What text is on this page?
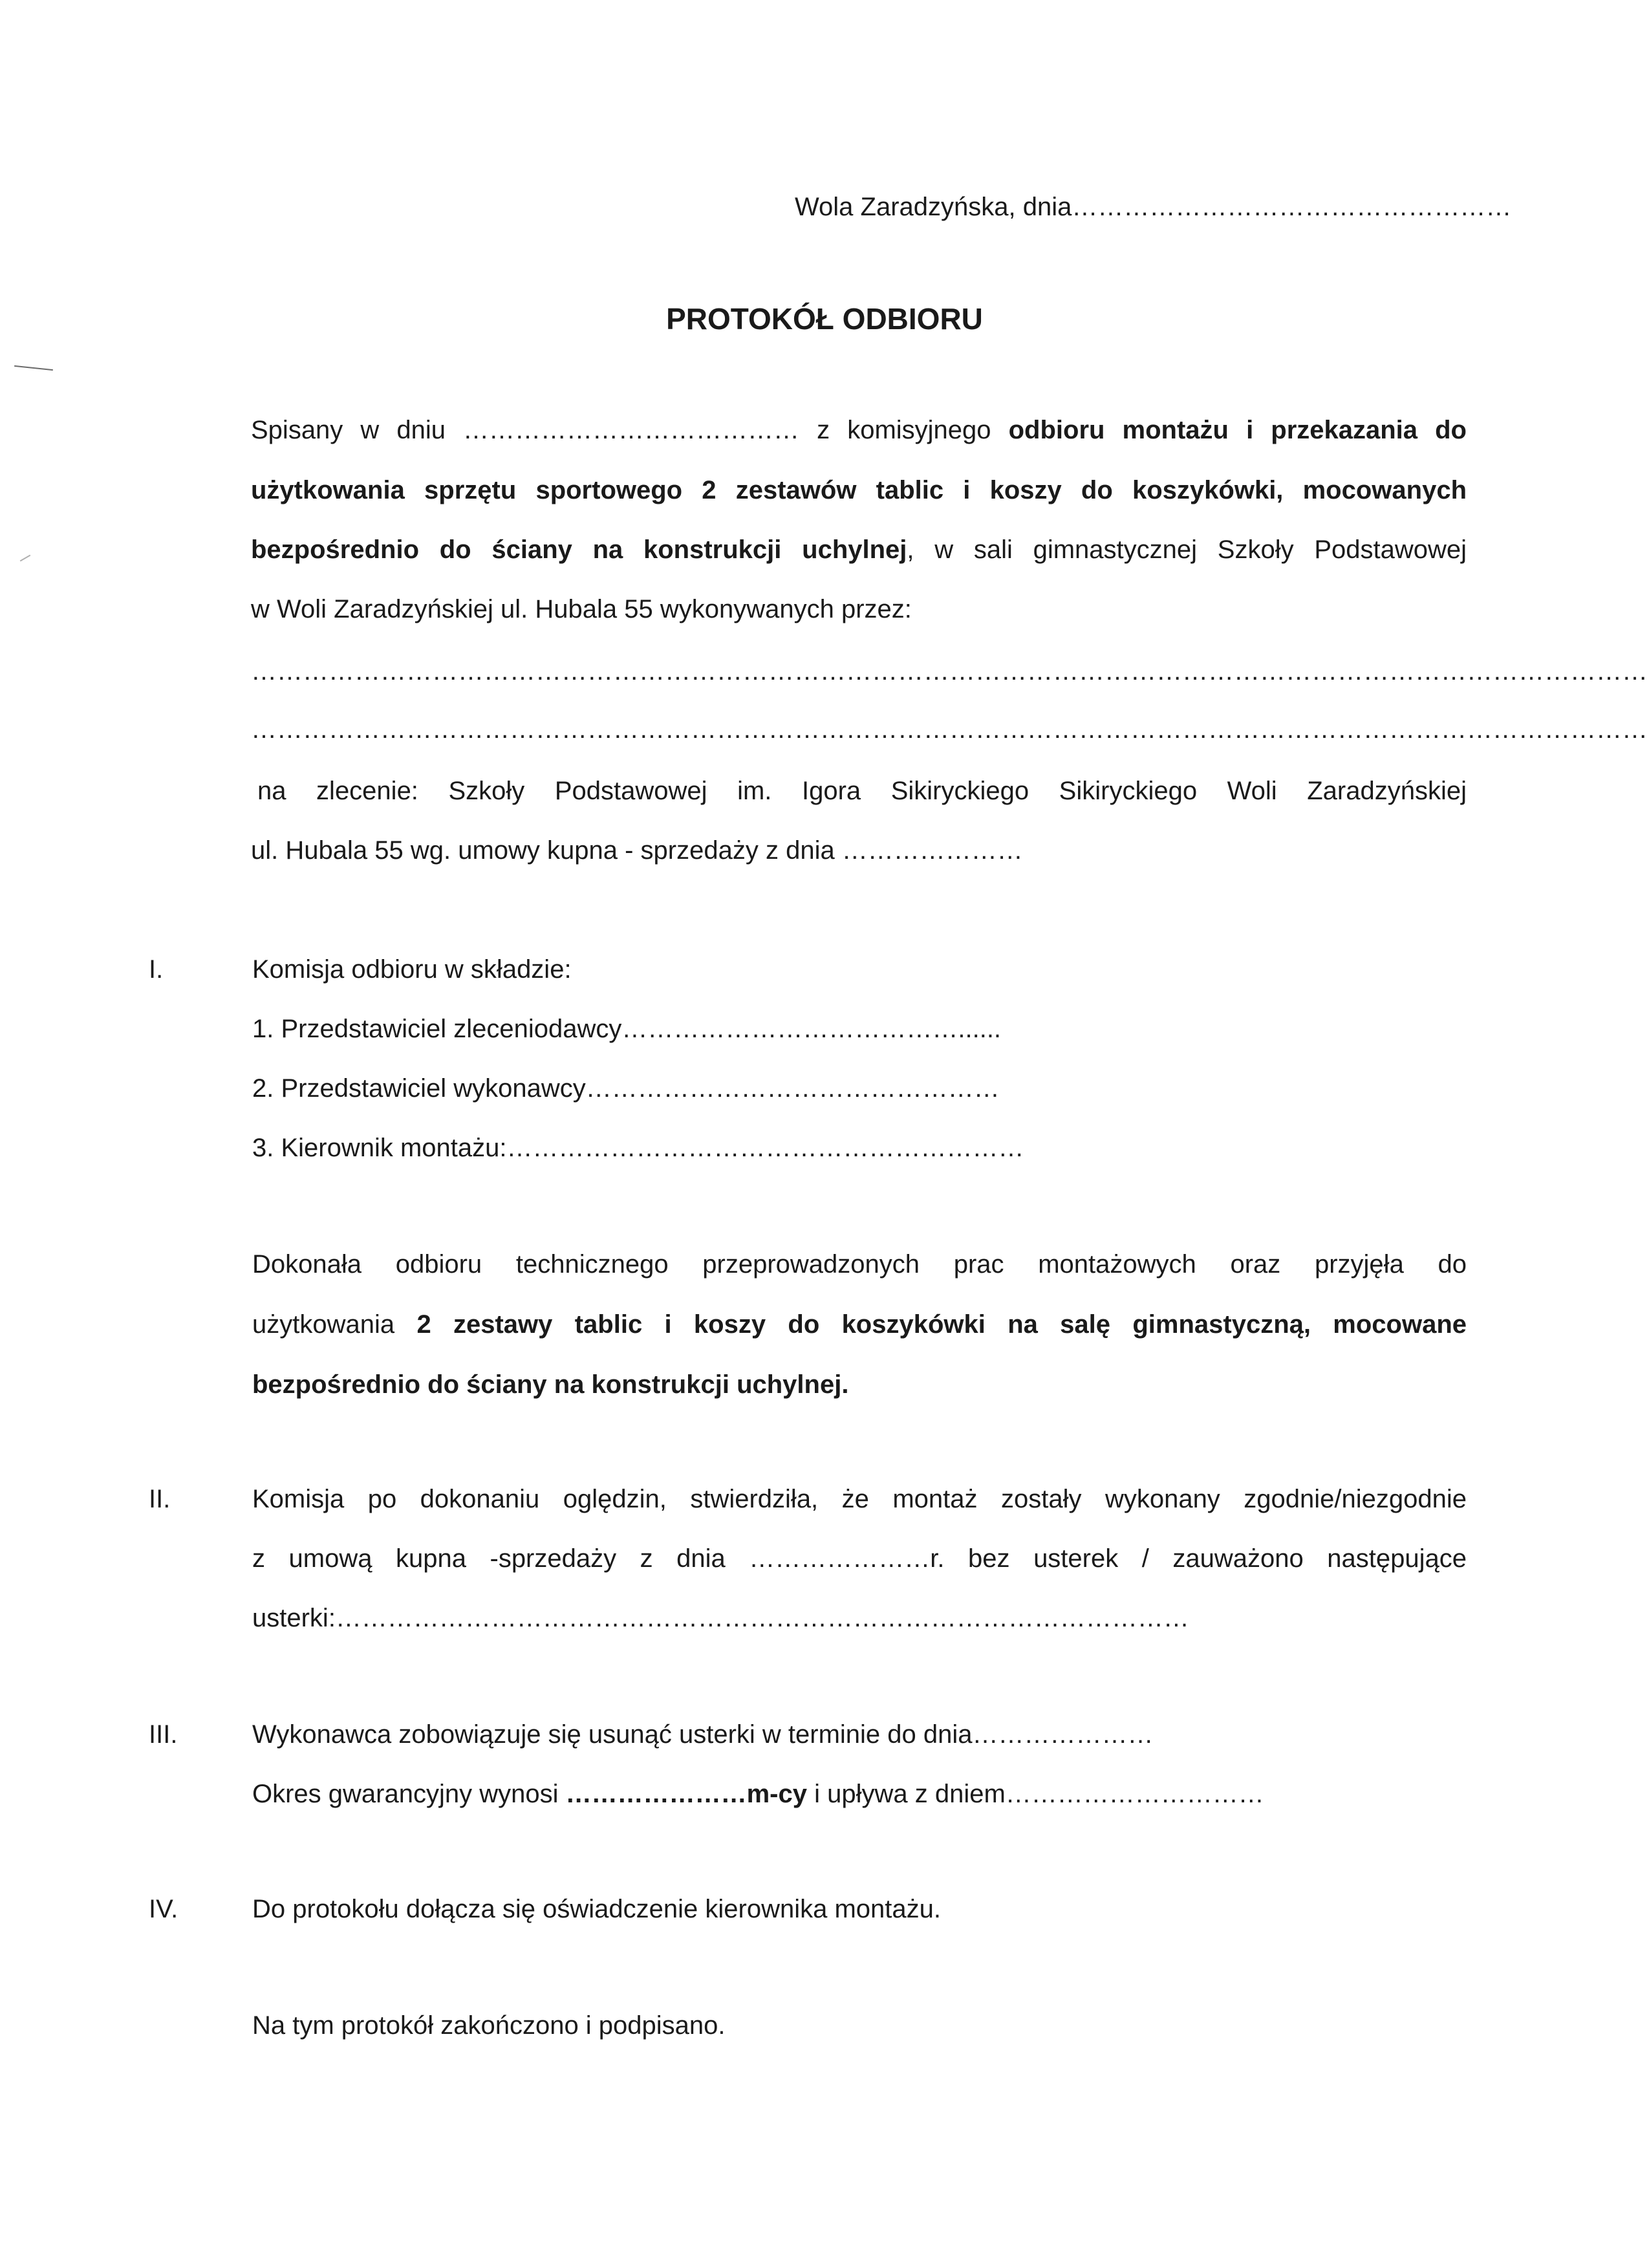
Wola Zaradzyńska, dnia……………………………………………
PROTOKÓŁ ODBIORU
Spisany w dniu ………………………………… z komisyjnego odbioru montażu i przekazania do
użytkowania sprzętu sportowego 2 zestawów tablic i koszy do koszykówki, mocowanych
bezpośrednio do ściany na konstrukcji uchylnej, w sali gimnastycznej Szkoły Podstawowej
w Woli Zaradzyńskiej ul. Hubala 55 wykonywanych przez:
………………………………………………………………………………………………………………………………………………
………………………………………………………………………………………………………………………………………………
na zlecenie: Szkoły Podstawowej im. Igora Sikiryckiego Sikiryckiego Woli Zaradzyńskiej
ul. Hubala 55 wg. umowy kupna - sprzedaży z dnia …………………
I.	Komisja odbioru w składzie:
1. Przedstawiciel zleceniodawcy…………………………………......
2. Przedstawiciel wykonawcy…………………………………………
3. Kierownik montażu:……………………………………………………
Dokonała odbioru technicznego przeprowadzonych prac montażowych oraz przyjęła do
użytkowania 2 zestawy tablic i koszy do koszykówki na salę gimnastyczną, mocowane
bezpośrednio do ściany na konstrukcji uchylnej.
II.	Komisja po dokonaniu oględzin, stwierdziła, że montaż zostały wykonany zgodnie/niezgodnie
z umową kupna -sprzedaży z dnia …………………r. bez usterek / zauważono następujące
usterki:………………………………………………………………………………………
III.	Wykonawca zobowiązuje się usunąć usterki w terminie do dnia…………………
Okres gwarancyjny wynosi …………………m-cy i upływa z dniem…………………………
IV.	Do protokołu dołącza się oświadczenie kierownika montażu.
Na tym protokół zakończono i podpisano.
